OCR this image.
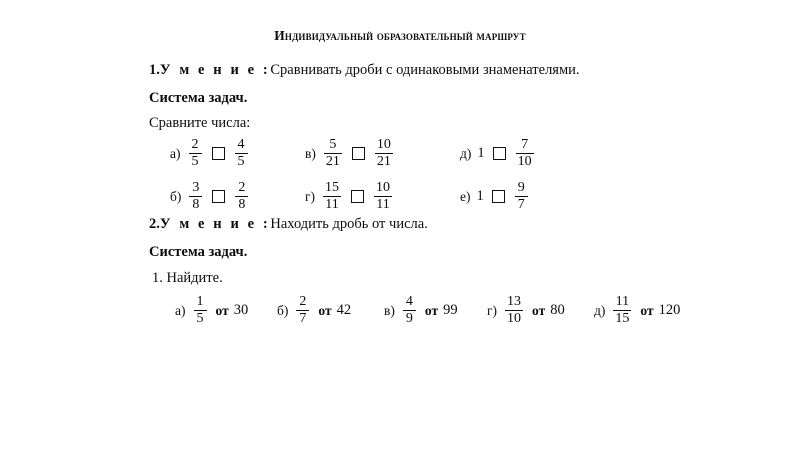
Индивидуальный образовательный маршрут
1.У м е н и е :Сравнивать дроби с одинаковыми знаменателями.
Система задач.
Сравните числа:
$а) \frac{2}{5} \frac{4}{5}$	$в) \frac{5}{21} \frac{10}{21}$	д) $1 \frac{7}{10}$
$б) \frac{3}{8} \frac{2}{8}$	$г) \frac{15}{11} \frac{10}{11}$	е) $1 \frac{9}{7}$
2.У м е н и е :Находить дробь от числа.
Система задач.
1. Найдите.
$а) \frac{1}{5}$ от 30 $б) \frac{2}{7}$ от 42 $в) \frac{4}{9}$ от 99 $г) \frac{13}{10}$ от 80 $д) \frac{11}{15}$ от 120
